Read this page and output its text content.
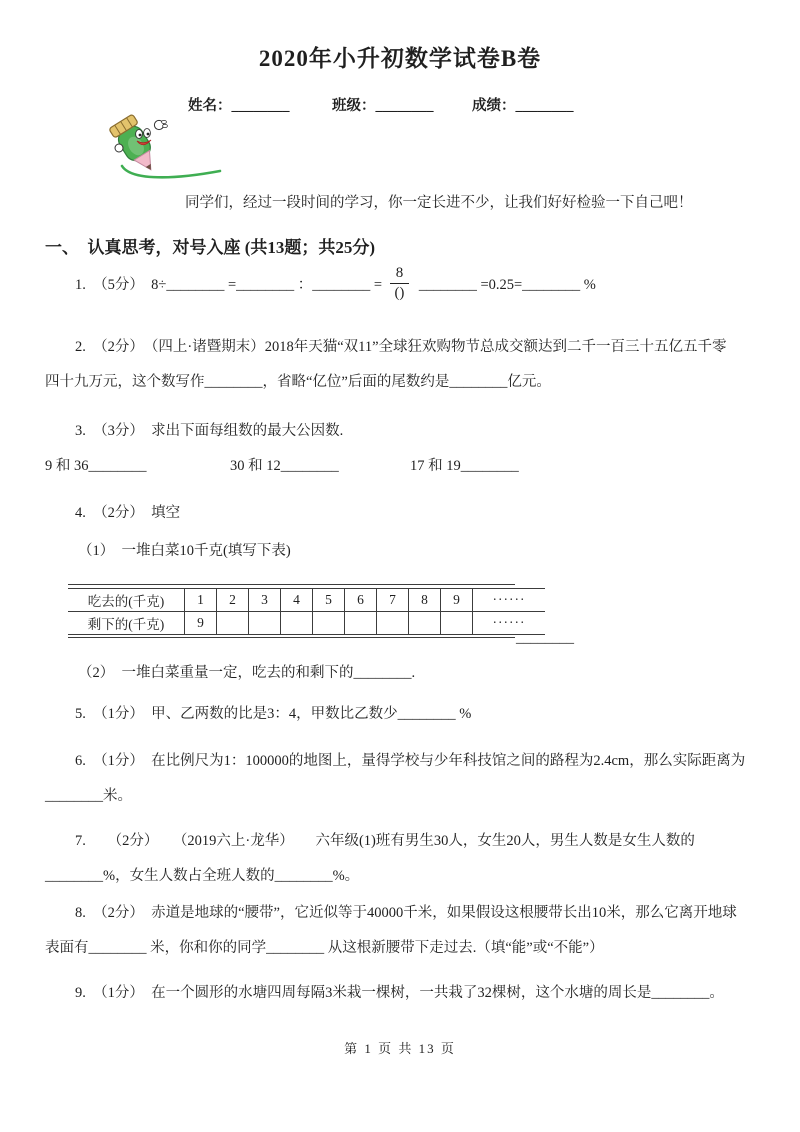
2020年小升初数学试卷B卷
姓名：________	班级：________	成绩：________
同学们，经过一段时间的学习，你一定长进不少，让我们好好检验一下自己吧！
一、　认真思考，对号入座 (共13题；共25分)
1.　（5分）　8÷________ =________ ：________ = $\frac{8}{()}$ ________ =0.25=________ %
2.　（2分）　（四上·诸暨期末）2018年天猫“双11”全球狂欢购物节总成交额达到二千一百三十五亿五千零
四十九万元，这个数写作________，省略“亿位”后面的尾数约是________亿元。
3.　（3分）　求出下面每组数的最大公因数.
9 和 36________	30 和 12________	17 和 19________
4.　（2分）　填空
（1）　一堆白菜10千克(填写下表)
吃去的(千克)	1	2	3	4	5	6	7	8	9	······
剩下的(千克)	9									······
________
（2）　一堆白菜重量一定，吃去的和剩下的________.
5.　（1分）　甲、乙两数的比是3：4，甲数比乙数少________ %
6.　（1分）　在比例尺为1：100000的地图上，量得学校与少年科技馆之间的路程为2.4cm，那么实际距离为
________米。
7.　　（2分）　　（2019六上·龙华）　　六年级(1)班有男生30人，女生20人，男生人数是女生人数的
________%，女生人数占全班人数的________%。
8.　（2分）　赤道是地球的“腰带”，它近似等于40000千米，如果假设这根腰带长出10米，那么它离开地球
表面有________ 米，你和你的同学________ 从这根新腰带下走过去.（填“能”或“不能”）
9.　（1分）　在一个圆形的水塘四周每隔3米栽一棵树，一共栽了32棵树，这个水塘的周长是________。
第 1 页 共 13 页
